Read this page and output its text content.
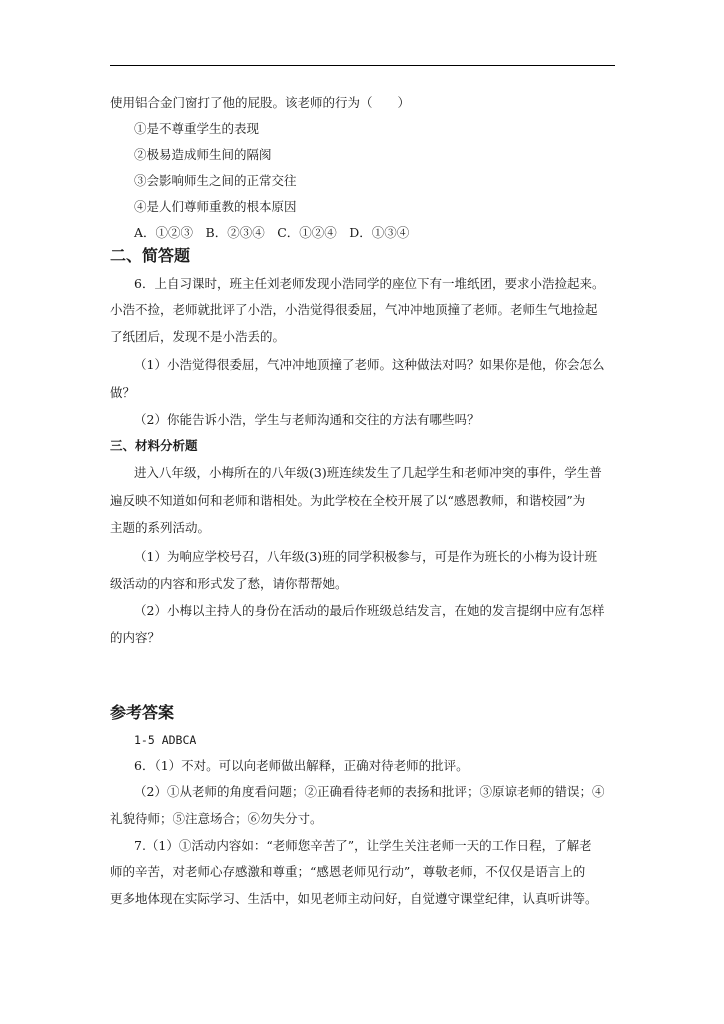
使用铝合金门窗打了他的屁股。该老师的行为（　　）
①是不尊重学生的表现
②极易造成师生间的隔阂
③会影响师生之间的正常交往
④是人们尊师重教的根本原因
A．①②③　B．②③④　C．①②④　D．①③④
二、简答题
6．上自习课时，班主任刘老师发现小浩同学的座位下有一堆纸团，要求小浩捡起来。
小浩不捡，老师就批评了小浩，小浩觉得很委屈，气冲冲地顶撞了老师。老师生气地捡起
了纸团后，发现不是小浩丢的。
（1）小浩觉得很委屈，气冲冲地顶撞了老师。这种做法对吗？如果你是他，你会怎么
做？
（2）你能告诉小浩，学生与老师沟通和交往的方法有哪些吗？
三、材料分析题
进入八年级，小梅所在的八年级(3)班连续发生了几起学生和老师冲突的事件，学生普
遍反映不知道如何和老师和谐相处。为此学校在全校开展了以“感恩教师，和谐校园”为
主题的系列活动。
（1）为响应学校号召，八年级(3)班的同学积极参与，可是作为班长的小梅为设计班
级活动的内容和形式发了愁，请你帮帮她。
（2）小梅以主持人的身份在活动的最后作班级总结发言，在她的发言提纲中应有怎样
的内容？
参考答案
1-5 ADBCA
6．（1）不对。可以向老师做出解释，正确对待老师的批评。
（2）①从老师的角度看问题；②正确看待老师的表扬和批评；③原谅老师的错误；④
礼貌待师；⑤注意场合；⑥勿失分寸。
7.（1）①活动内容如：“老师您辛苦了”，让学生关注老师一天的工作日程，了解老
师的辛苦，对老师心存感激和尊重；“感恩老师见行动”，尊敬老师，不仅仅是语言上的
更多地体现在实际学习、生活中，如见老师主动问好，自觉遵守课堂纪律，认真听讲等。
